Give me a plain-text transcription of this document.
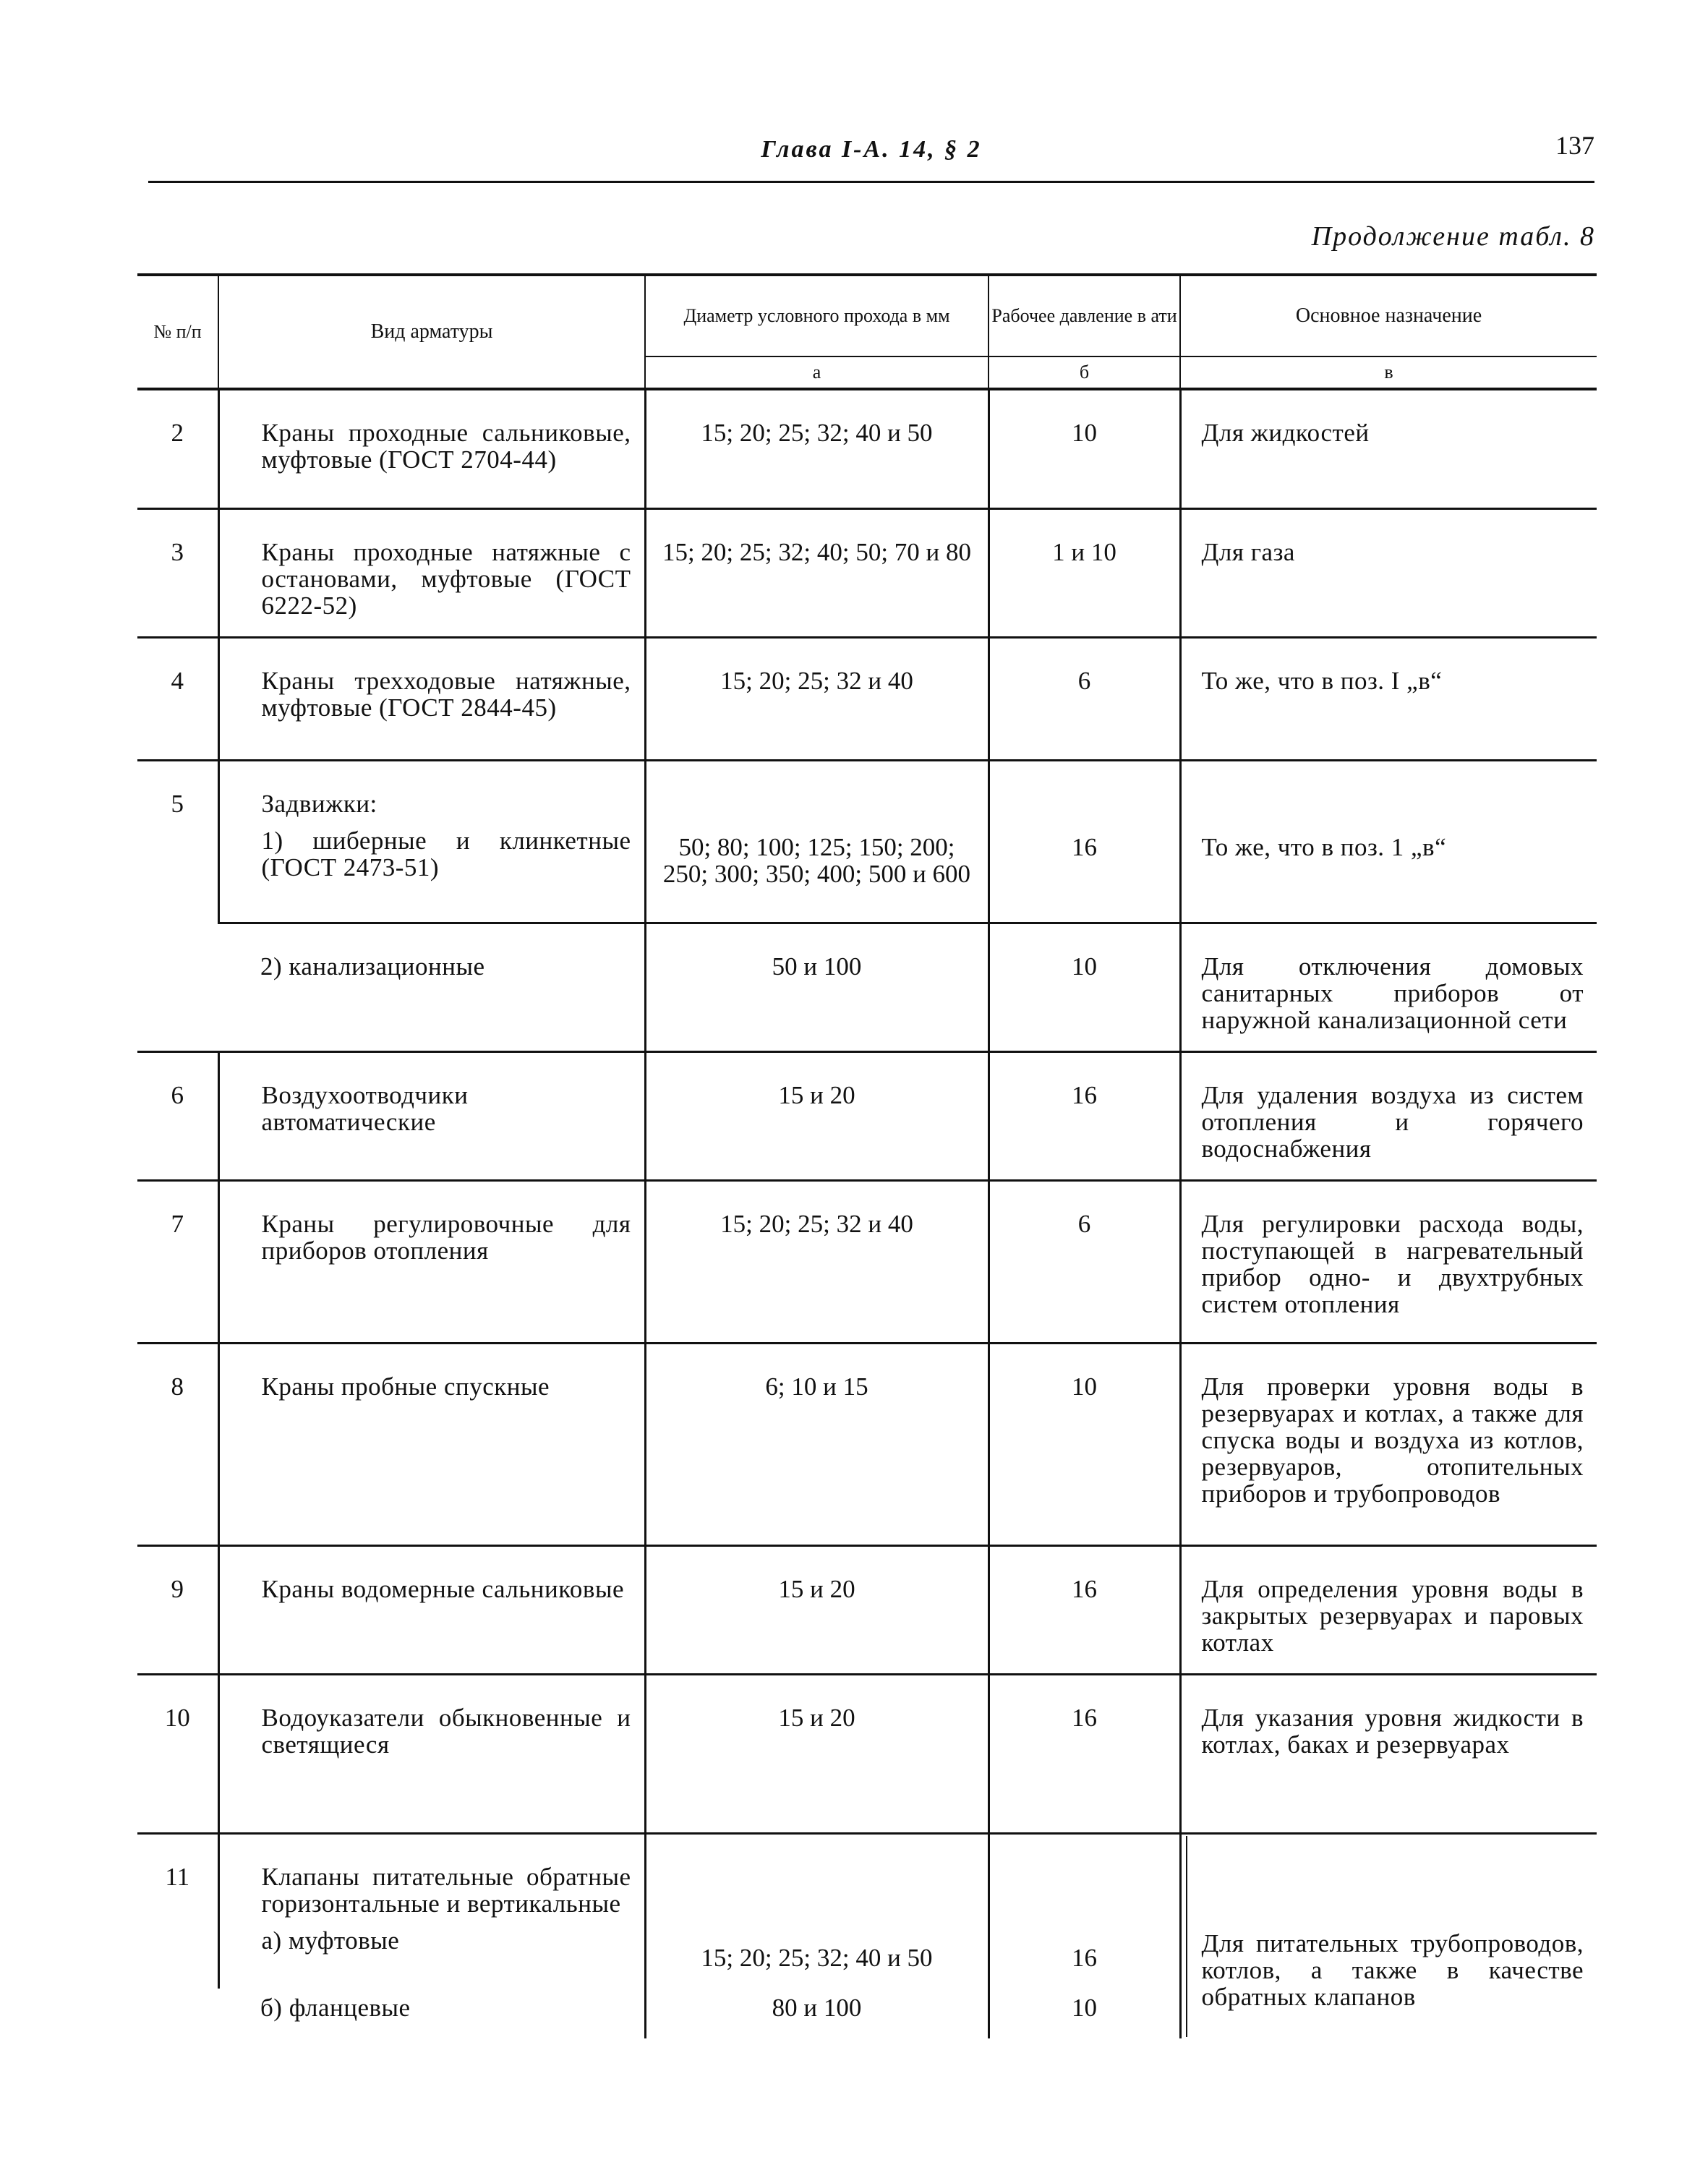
Глава I-А. 14, § 2	137
Продолжение табл. 8
№ п/п	Вид арматуры	Диаметр условного прохода в мм	Рабочее давление в ати	Основное назначение
		а	б	в
2	Краны проходные сальниковые, муфтовые (ГОСТ 2704-44)	15; 20; 25; 32; 40 и 50	10	Для жидкостей
3	Краны проходные натяжные с остановами, муфтовые (ГОСТ 6222-52)	15; 20; 25; 32; 40; 50; 70 и 80	1 и 10	Для газа
4	Краны трехходовые натяжные, муфтовые (ГОСТ 2844-45)	15; 20; 25; 32 и 40	6	То же, что в поз. I „в“
5	Задвижки:
1) шиберные и клинкетные (ГОСТ 2473-51)	50; 80; 100; 125; 150; 200; 250; 300; 350; 400; 500 и 600	16	То же, что в поз. 1 „в“
	2) канализационные	50 и 100	10	Для отключения домовых санитарных приборов от наружной канализационной сети
6	Воздухоотводчики автоматические	15 и 20	16	Для удаления воздуха из систем отопления и горячего водоснабжения
7	Краны регулировочные для приборов отопления	15; 20; 25; 32 и 40	6	Для регулировки расхода воды, поступающей в нагревательный прибор одно- и двухтрубных систем отопления
8	Краны пробные спускные	6; 10 и 15	10	Для проверки уровня воды в резервуарах и котлах, а также для спуска воды и воздуха из котлов, резервуаров, отопительных приборов и трубопроводов
9	Краны водомерные сальниковые	15 и 20	16	Для определения уровня воды в закрытых резервуарах и паровых котлах
10	Водоуказатели обыкновенные и светящиеся	15 и 20	16	Для указания уровня жидкости в котлах, баках и резервуарах
11	Клапаны питательные обратные горизонтальные и вертикальные
а) муфтовые	15; 20; 25; 32; 40 и 50	16	Для питательных трубопроводов, котлов, а также в качестве обратных клапанов
	б) фланцевые	80 и 100	10	
